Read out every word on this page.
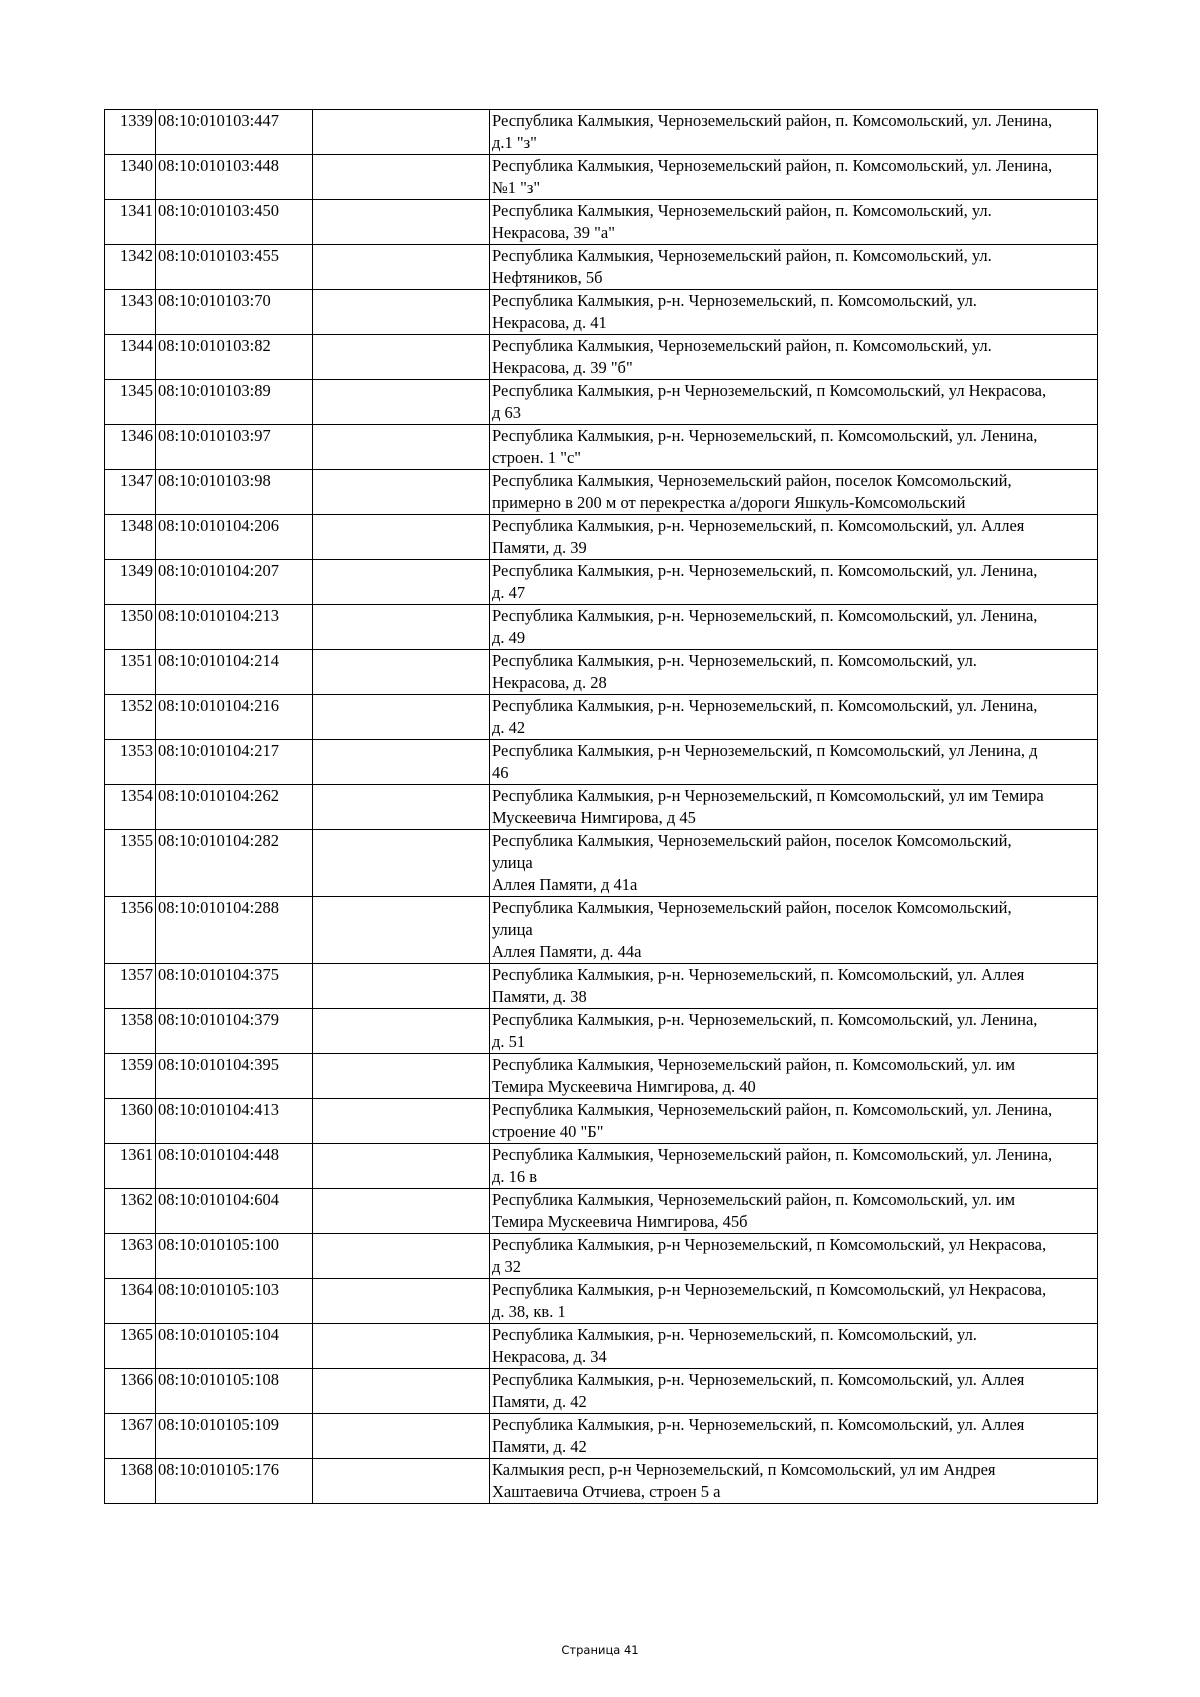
1339	08:10:010103:447		Республика Калмыкия, Черноземельский район, п. Комсомольский, ул. Ленина,
д.1 "з"
1340	08:10:010103:448		Республика Калмыкия, Черноземельский район, п. Комсомольский, ул. Ленина,
№1 "з"
1341	08:10:010103:450		Республика Калмыкия, Черноземельский район, п. Комсомольский, ул.
Некрасова, 39 "а"
1342	08:10:010103:455		Республика Калмыкия, Черноземельский район, п. Комсомольский, ул.
Нефтяников, 5б

1343	08:10:010103:70		Республика Калмыкия, р-н. Черноземельский, п. Комсомольский, ул.
Некрасова, д. 41
1344	08:10:010103:82		Республика Калмыкия, Черноземельский район, п. Комсомольский, ул.
Некрасова, д. 39 "б"
1345	08:10:010103:89		Республика Калмыкия, р-н Черноземельский, п Комсомольский, ул Некрасова,
д 63
1346	08:10:010103:97		Республика Калмыкия, р-н. Черноземельский, п. Комсомольский, ул. Ленина,
строен. 1 "с"
1347	08:10:010103:98		Республика Калмыкия, Черноземельский район, поселок Комсомольский,
примерно в 200 м от перекрестка а/дороги Яшкуль-Комсомольский

1348	08:10:010104:206		Республика Калмыкия, р-н. Черноземельский, п. Комсомольский, ул. Аллея
Памяти, д. 39
1349	08:10:010104:207		Республика Калмыкия, р-н. Черноземельский, п. Комсомольский, ул. Ленина,
д. 47
1350	08:10:010104:213		Республика Калмыкия, р-н. Черноземельский, п. Комсомольский, ул. Ленина,
д. 49
1351	08:10:010104:214		Республика Калмыкия, р-н. Черноземельский, п. Комсомольский, ул.
Некрасова, д. 28
1352	08:10:010104:216		Республика Калмыкия, р-н. Черноземельский, п. Комсомольский, ул. Ленина,
д. 42
1353	08:10:010104:217		Республика Калмыкия, р-н Черноземельский, п Комсомольский, ул Ленина, д
46
1354	08:10:010104:262		Республика Калмыкия, р-н Черноземельский, п Комсомольский, ул им Темира
Мускеевича Нимгирова, д 45
1355	08:10:010104:282		Республика Калмыкия, Черноземельский район, поселок Комсомольский,
улица
Аллея Памяти, д 41а
1356	08:10:010104:288		Республика Калмыкия, Черноземельский район, поселок Комсомольский,
улица
Аллея Памяти, д. 44а
1357	08:10:010104:375		Республика Калмыкия, р-н. Черноземельский, п. Комсомольский, ул. Аллея
Памяти, д. 38
1358	08:10:010104:379		Республика Калмыкия, р-н. Черноземельский, п. Комсомольский, ул. Ленина,
д. 51
1359	08:10:010104:395		Республика Калмыкия, Черноземельский район, п. Комсомольский, ул. им
Темира Мускеевича Нимгирова, д. 40
1360	08:10:010104:413		Республика Калмыкия, Черноземельский район, п. Комсомольский, ул. Ленина,
строение 40 "Б"
1361	08:10:010104:448		Республика Калмыкия, Черноземельский район, п. Комсомольский, ул. Ленина,
д. 16 в
1362	08:10:010104:604		Республика Калмыкия, Черноземельский район, п. Комсомольский, ул. им
Темира Мускеевича Нимгирова, 45б
1363	08:10:010105:100		Республика Калмыкия, р-н Черноземельский, п Комсомольский, ул Некрасова,
д 32
1364	08:10:010105:103		Республика Калмыкия, р-н Черноземельский, п Комсомольский, ул Некрасова,
д. 38, кв. 1
1365	08:10:010105:104		Республика Калмыкия, р-н. Черноземельский, п. Комсомольский, ул.
Некрасова, д. 34
1366	08:10:010105:108		Республика Калмыкия, р-н. Черноземельский, п. Комсомольский, ул. Аллея
Памяти, д. 42
1367	08:10:010105:109		Республика Калмыкия, р-н. Черноземельский, п. Комсомольский, ул. Аллея
Памяти, д. 42
1368	08:10:010105:176		Калмыкия респ, р-н Черноземельский, п Комсомольский, ул им Андрея
Хаштаевича Отчиева, строен 5 а
Страница 41
